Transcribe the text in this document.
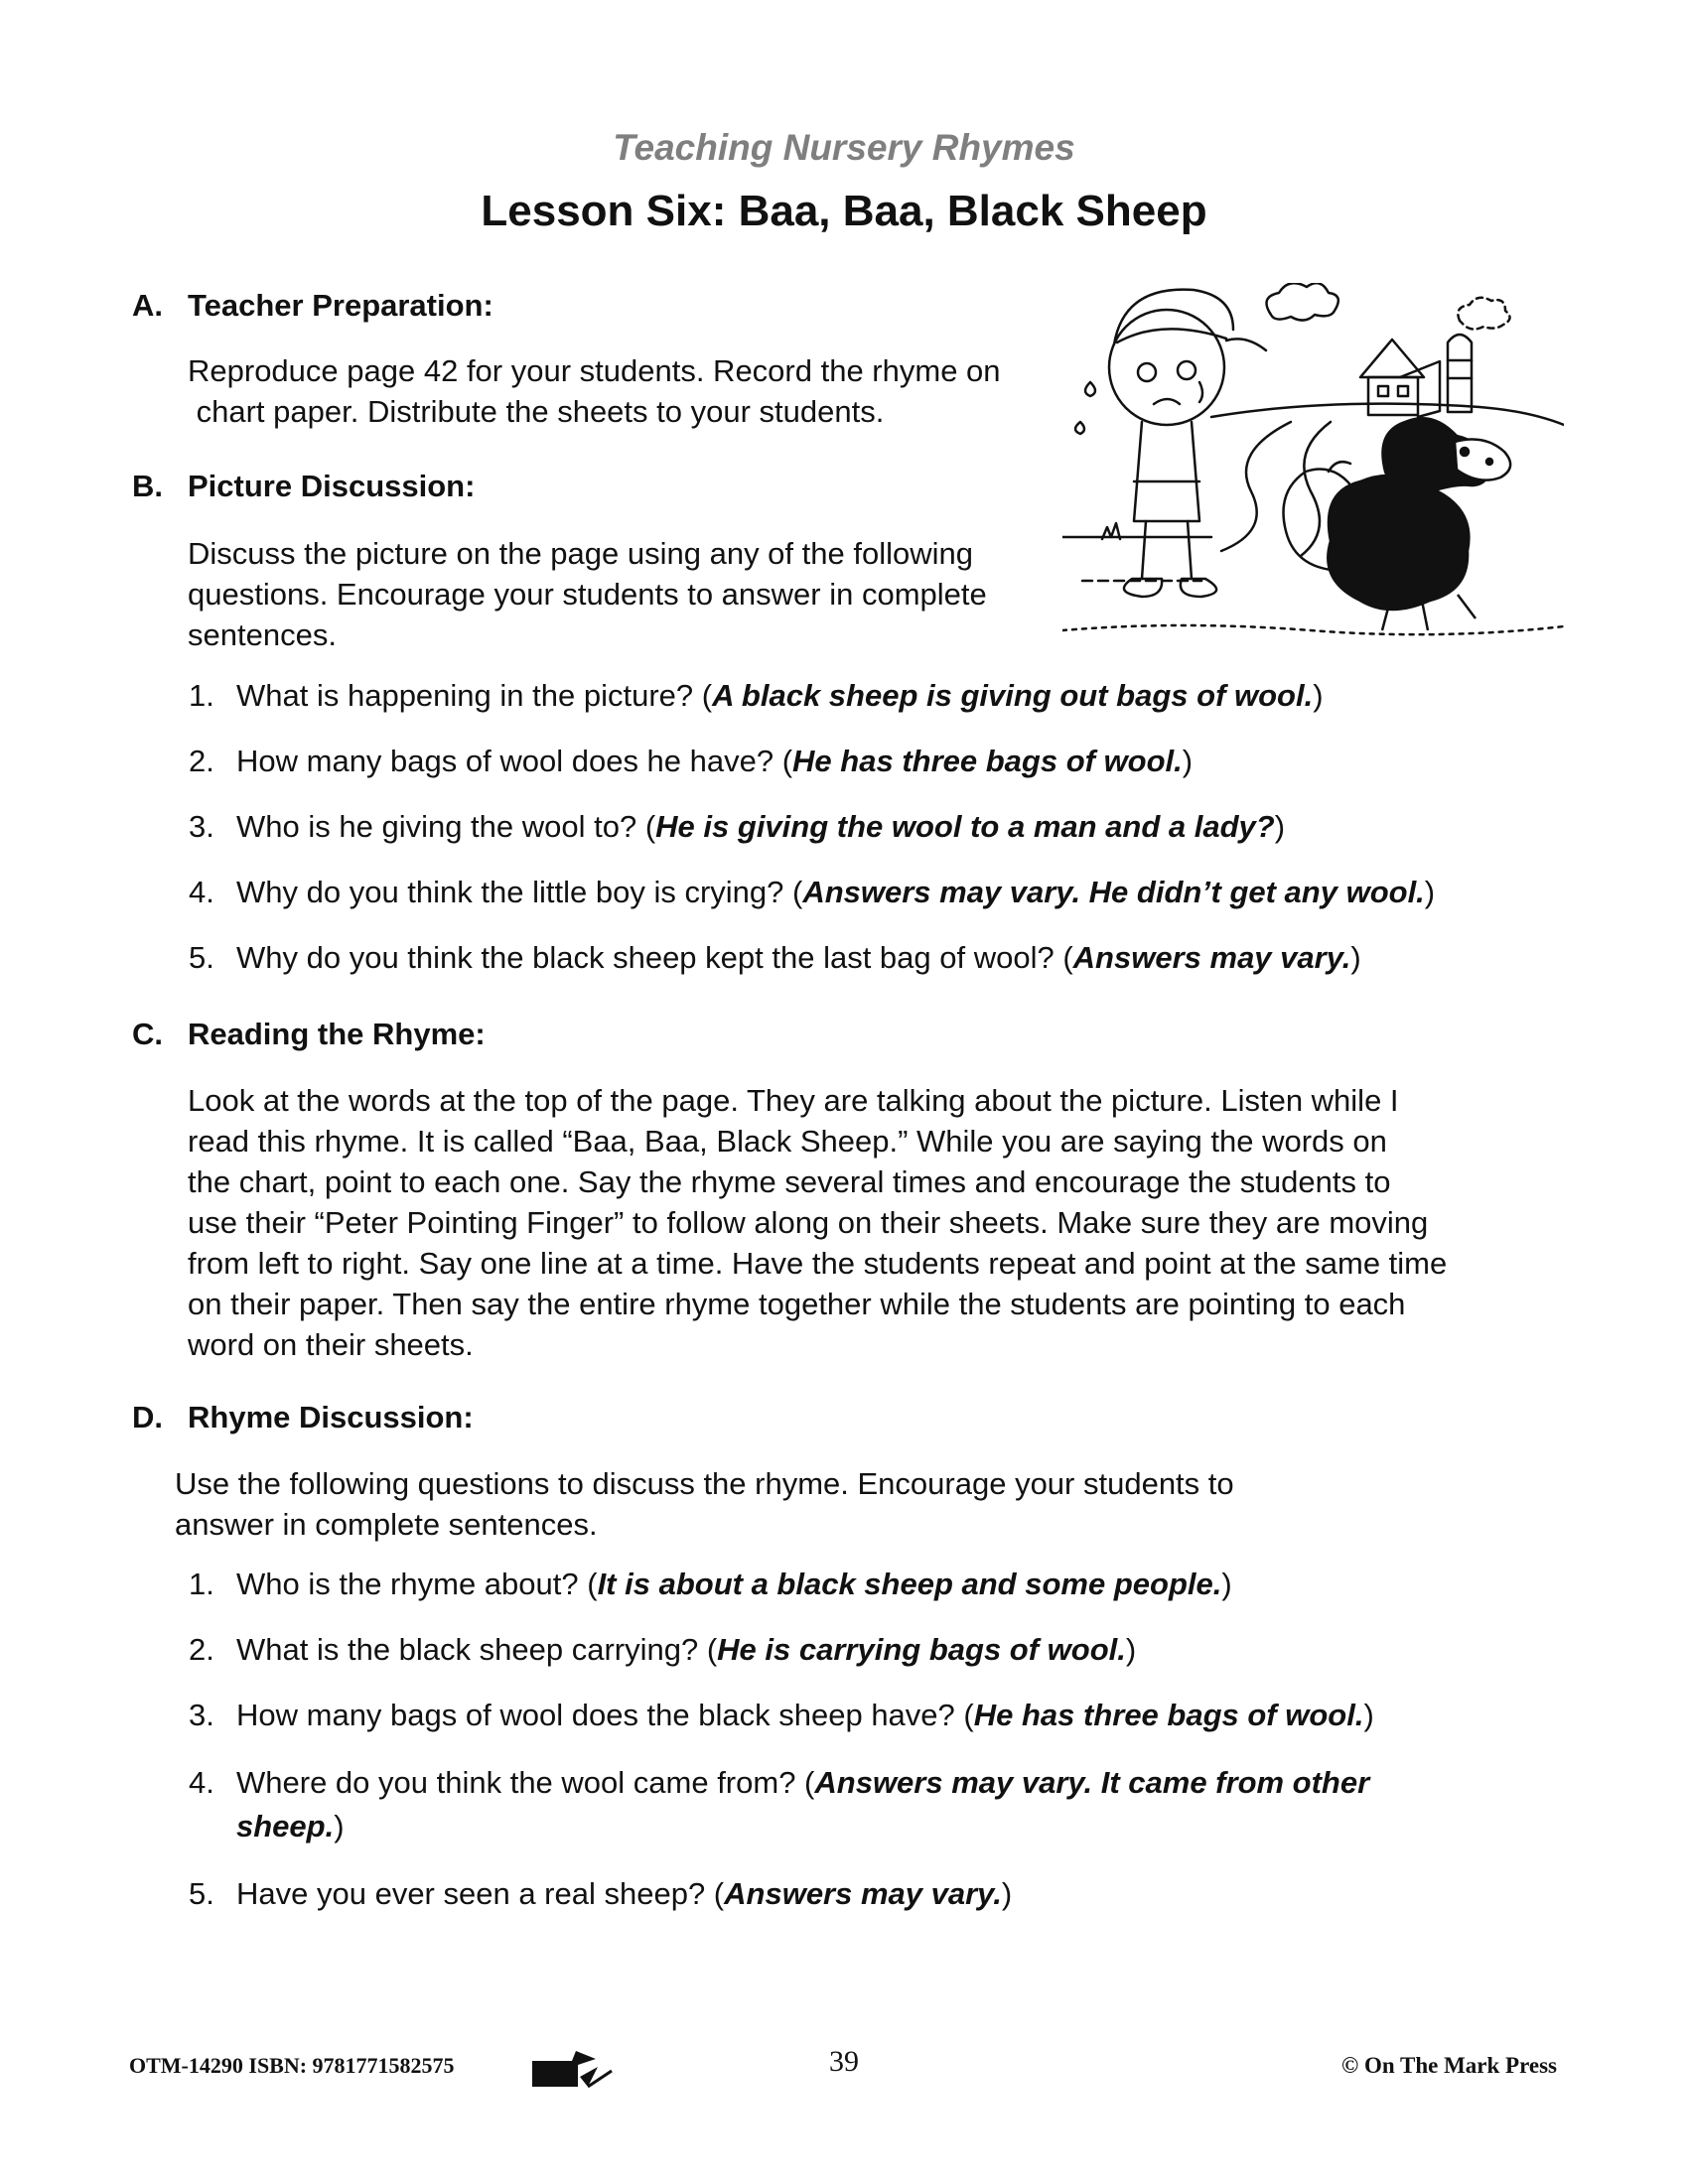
Teaching Nursery Rhymes
Lesson Six: Baa, Baa, Black Sheep
A. Teacher Preparation:
Reproduce page 42 for your students. Record the rhyme on
chart paper. Distribute the sheets to your students.
B. Picture Discussion:
Discuss the picture on the page using any of the following
questions. Encourage your students to answer in complete
sentences.
1. What is happening in the picture? (A black sheep is giving out bags of wool.)
2. How many bags of wool does he have? (He has three bags of wool.)
3. Who is he giving the wool to? (He is giving the wool to a man and a lady?)
4. Why do you think the little boy is crying? (Answers may vary. He didn’t get any wool.)
5. Why do you think the black sheep kept the last bag of wool? (Answers may vary.)
C. Reading the Rhyme:
Look at the words at the top of the page. They are talking about the picture. Listen while I
read this rhyme. It is called “Baa, Baa, Black Sheep.” While you are saying the words on
the chart, point to each one. Say the rhyme several times and encourage the students to
use their “Peter Pointing Finger” to follow along on their sheets. Make sure they are moving
from left to right. Say one line at a time. Have the students repeat and point at the same time
on their paper. Then say the entire rhyme together while the students are pointing to each
word on their sheets.
D. Rhyme Discussion:
Use the following questions to discuss the rhyme. Encourage your students to
answer in complete sentences.
1. Who is the rhyme about? (It is about a black sheep and some people.)
2. What is the black sheep carrying? (He is carrying bags of wool.)
3. How many bags of wool does the black sheep have? (He has three bags of wool.)
4. Where do you think the wool came from? (Answers may vary. It came from other
sheep.)
5. Have you ever seen a real sheep? (Answers may vary.)
OTM-14290 ISBN: 9781771582575	39	© On The Mark Press
